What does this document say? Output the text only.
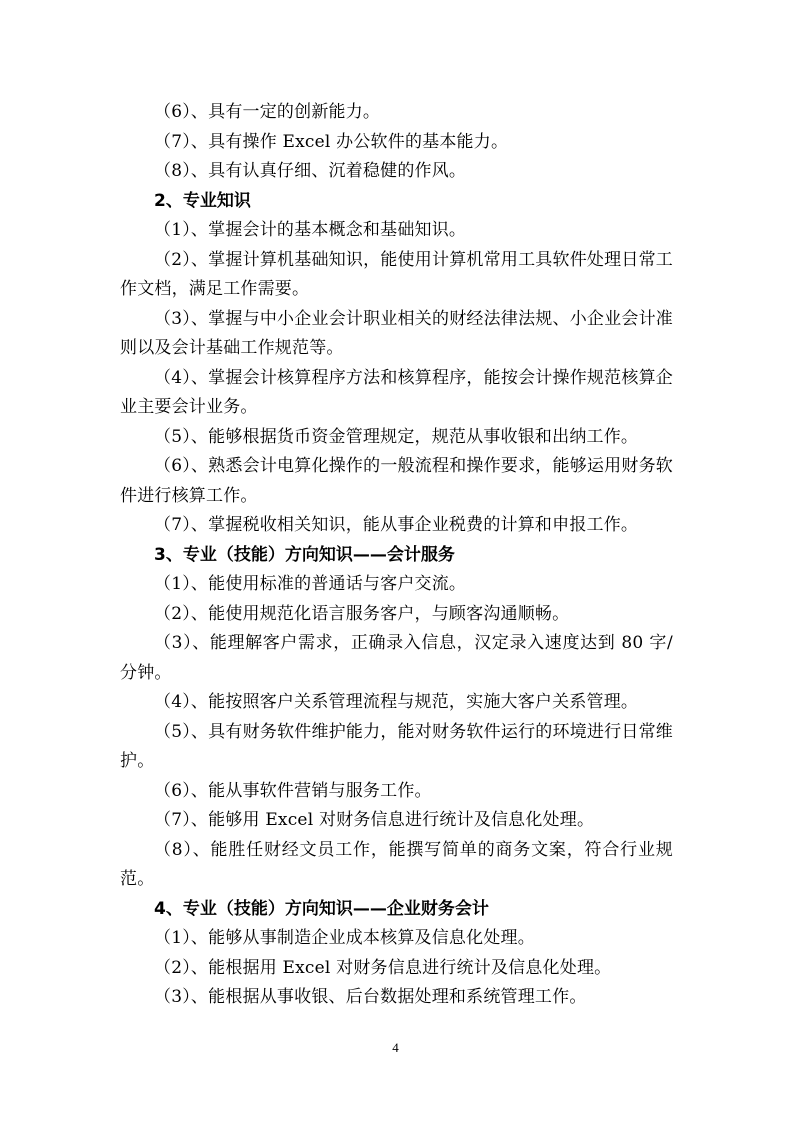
（6）、具有一定的创新能力。

（7）、具有操作 Excel 办公软件的基本能力。

（8）、具有认真仔细、沉着稳健的作风。

2、专业知识

（1）、掌握会计的基本概念和基础知识。

（2）、掌握计算机基础知识，能使用计算机常用工具软件处理日常工作文档，满足工作需要。

（3）、掌握与中小企业会计职业相关的财经法律法规、小企业会计准则以及会计基础工作规范等。

（4）、掌握会计核算程序方法和核算程序，能按会计操作规范核算企业主要会计业务。

（5）、能够根据货币资金管理规定，规范从事收银和出纳工作。

（6）、熟悉会计电算化操作的一般流程和操作要求，能够运用财务软件进行核算工作。

（7）、掌握税收相关知识，能从事企业税费的计算和申报工作。

3、专业（技能）方向知识——会计服务

（1）、能使用标准的普通话与客户交流。

（2）、能使用规范化语言服务客户，与顾客沟通顺畅。

（3）、能理解客户需求，正确录入信息，汉定录入速度达到 80 字/分钟。

（4）、能按照客户关系管理流程与规范，实施大客户关系管理。

（5）、具有财务软件维护能力，能对财务软件运行的环境进行日常维护。

（6）、能从事软件营销与服务工作。

（7）、能够用 Excel 对财务信息进行统计及信息化处理。

（8）、能胜任财经文员工作，能撰写简单的商务文案，符合行业规范。

4、专业（技能）方向知识——企业财务会计

（1）、能够从事制造企业成本核算及信息化处理。

（2）、能根据用 Excel 对财务信息进行统计及信息化处理。

（3）、能根据从事收银、后台数据处理和系统管理工作。

4
